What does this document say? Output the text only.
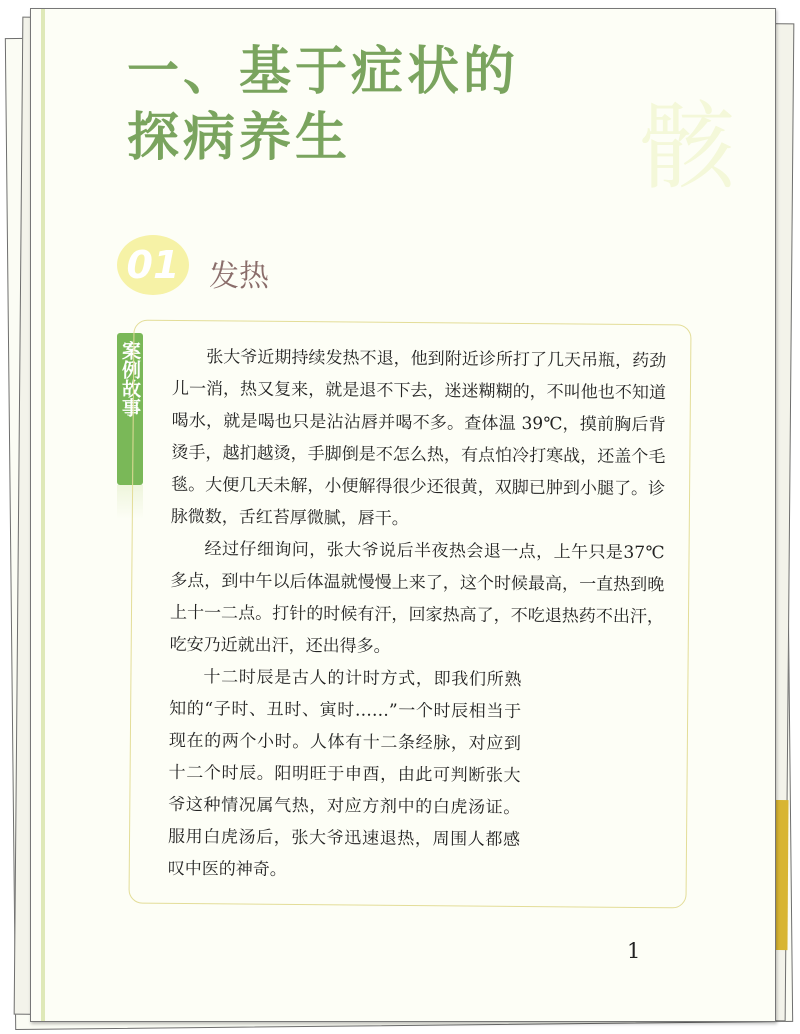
一、基于症状的
探病养生	骸
01 发热
案例故事	张大爷近期持续发热不退，他到附近诊所打了几天吊瓶，药劲儿一消，热又复来，就是退不下去，迷迷糊糊的，不叫他也不知道喝水，就是喝也只是沾沾唇并喝不多。查体温 39℃，摸前胸后背烫手，越扪越烫，手脚倒是不怎么热，有点怕冷打寒战，还盖个毛毯。大便几天未解，小便解得很少还很黄，双脚已肿到小腿了。诊脉微数，舌红苔厚微腻，唇干。

经过仔细询问，张大爷说后半夜热会退一点，上午只是37℃多点，到中午以后体温就慢慢上来了，这个时候最高，一直热到晚上十一二点。打针的时候有汗，回家热高了，不吃退热药不出汗，吃安乃近就出汗，还出得多。

十二时辰是古人的计时方式，即我们所熟知的“子时、丑时、寅时……”一个时辰相当于现在的两个小时。人体有十二条经脉，对应到十二个时辰。阳明旺于申酉，由此可判断张大爷这种情况属气热，对应方剂中的白虎汤证。服用白虎汤后，张大爷迅速退热，周围人都感叹中医的神奇。

1
